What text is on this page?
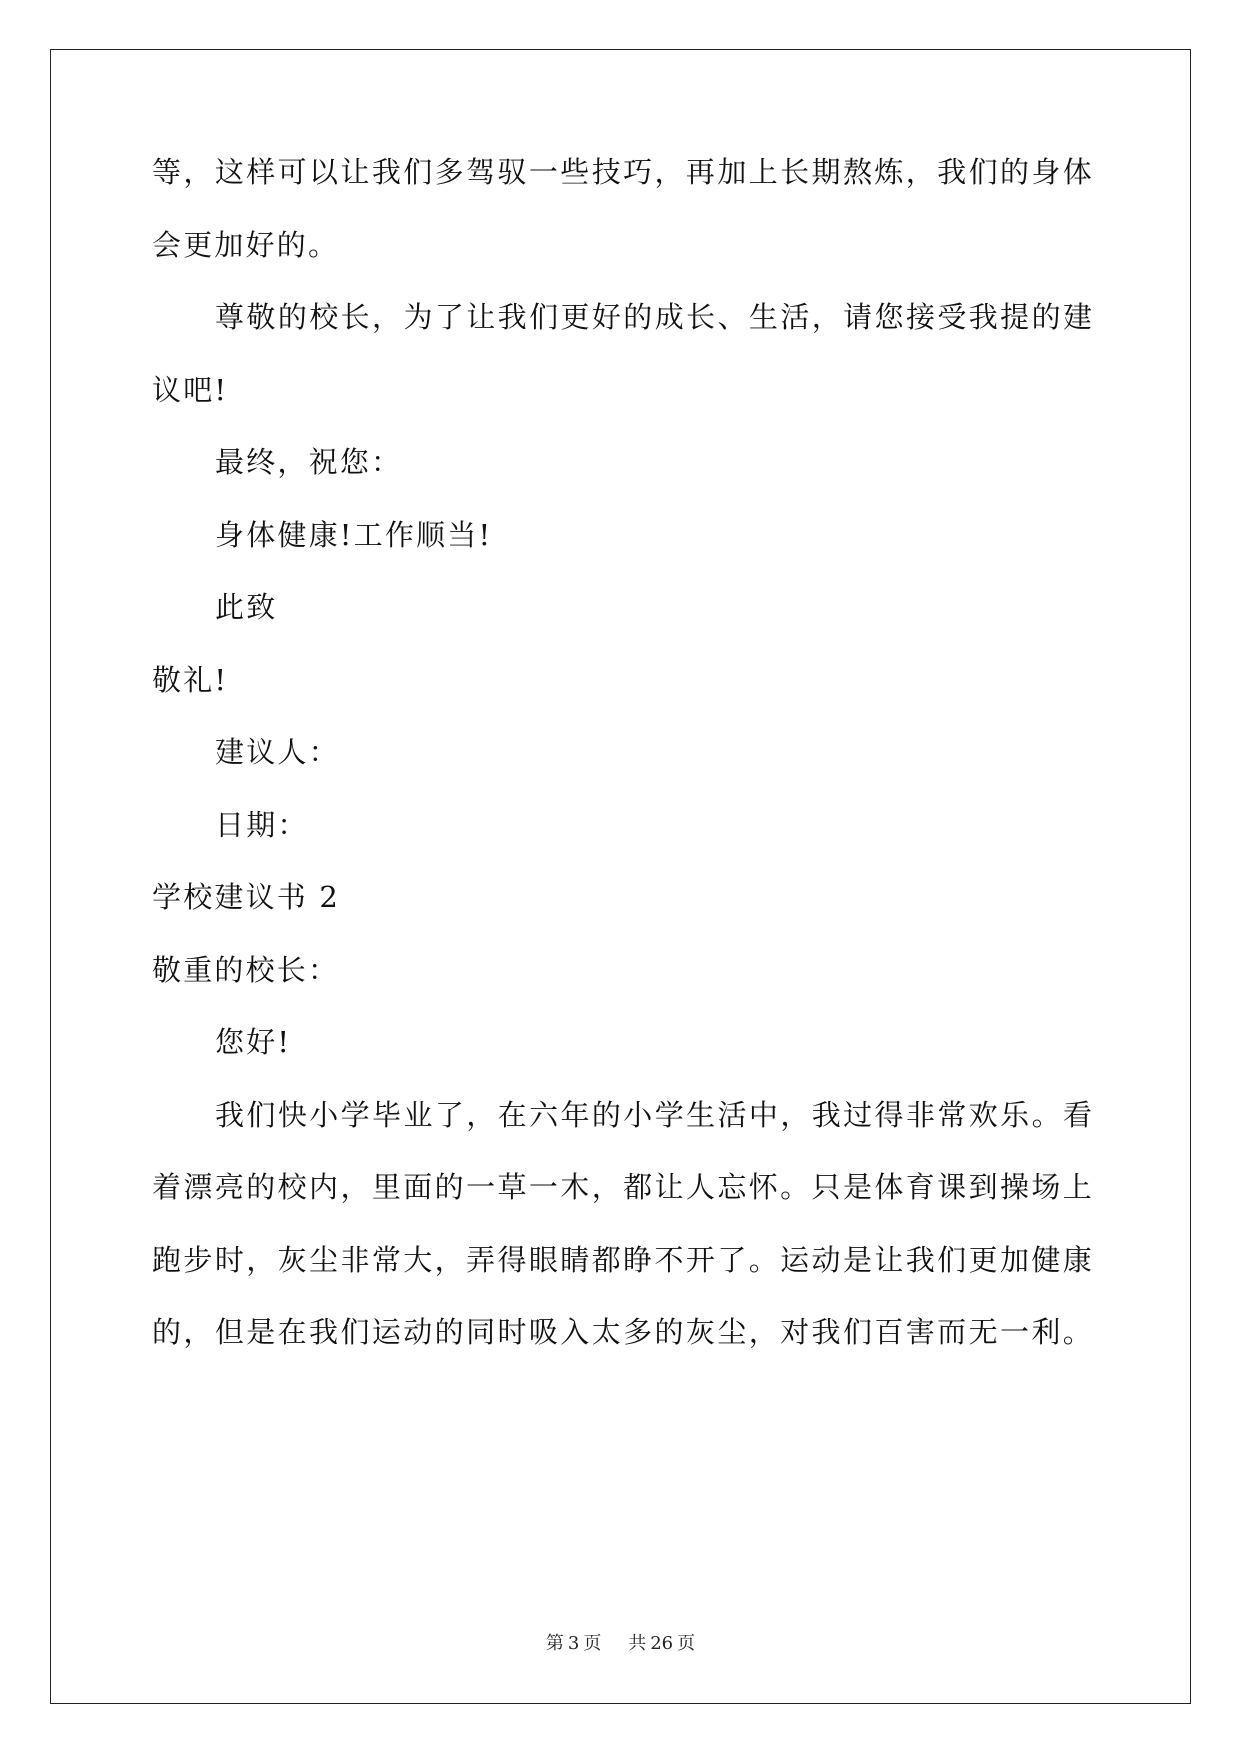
等 ， 这 样 可 以 让 我 们 多 驾 驭 一 些 技 巧 ， 再 加 上 长 期 熬 炼 ， 我 们 的 身 体
会更加好的。
尊 敬 的 校 长 ， 为 了 让 我 们 更 好 的 成 长 、 生 活 ， 请 您 接 受 我 提 的 建
议吧!
最终，祝您：
身体健康!工作顺当!
此致
敬礼!
建议人：
日期：
学校建议书 2
敬重的校长：
您好!
我 们 快 小 学 毕 业 了 ， 在 六 年 的 小 学 生 活 中 ， 我 过 得 非 常 欢 乐 。 看
着 漂 亮 的 校 内 ， 里 面 的 一 草 一 木 ， 都 让 人 忘 怀 。 只 是 体 育 课 到 操 场 上
跑 步 时 ， 灰 尘 非 常 大 ， 弄 得 眼 睛 都 睁 不 开 了 。 运 动 是 让 我 们 更 加 健 康
的 ， 但 是 在 我 们 运 动 的 同 时 吸 入 太 多 的 灰 尘 ， 对 我 们 百 害 而 无 一 利 。
第 3 页 共 26 页
